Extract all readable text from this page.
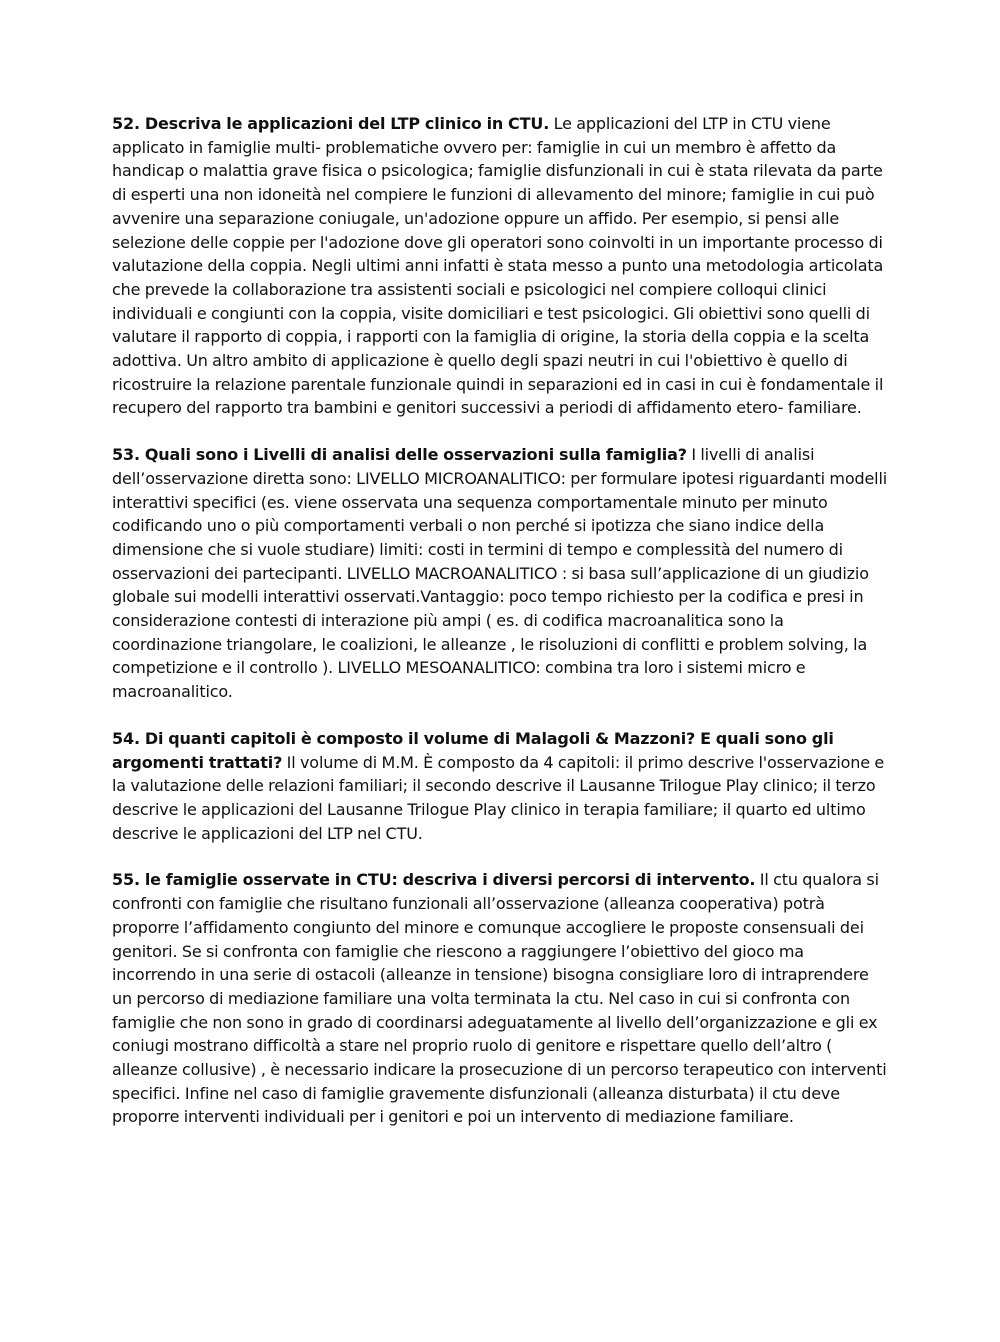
52. Descriva le applicazioni del LTP clinico in CTU. Le applicazioni del LTP in CTU viene applicato in famiglie multi- problematiche ovvero per: famiglie in cui un membro è affetto da handicap o malattia grave fisica o psicologica; famiglie disfunzionali in cui è stata rilevata da parte di esperti una non idoneità nel compiere le funzioni di allevamento del minore; famiglie in cui può avvenire una separazione coniugale, un'adozione oppure un affido. Per esempio, si pensi alle selezione delle coppie per l'adozione dove gli operatori sono coinvolti in un importante processo di valutazione della coppia. Negli ultimi anni infatti è stata messo a punto una metodologia articolata che prevede la collaborazione tra assistenti sociali e psicologici nel compiere colloqui clinici individuali e congiunti con la coppia, visite domiciliari e test psicologici. Gli obiettivi sono quelli di valutare il rapporto di coppia, i rapporti con la famiglia di origine, la storia della coppia e la scelta adottiva. Un altro ambito di applicazione è quello degli spazi neutri in cui l'obiettivo è quello di ricostruire la relazione parentale funzionale quindi in separazioni ed in casi in cui è fondamentale il recupero del rapporto tra bambini e genitori successivi a periodi di affidamento etero- familiare.

53. Quali sono i Livelli di analisi delle osservazioni sulla famiglia? I livelli di analisi dell’osservazione diretta sono: LIVELLO MICROANALITICO: per formulare ipotesi riguardanti modelli interattivi specifici (es. viene osservata una sequenza comportamentale minuto per minuto codificando uno o più comportamenti verbali o non perché si ipotizza che siano indice della dimensione che si vuole studiare) limiti: costi in termini di tempo e complessità del numero di osservazioni dei partecipanti. LIVELLO MACROANALITICO : si basa sull’applicazione di un giudizio globale sui modelli interattivi osservati.Vantaggio: poco tempo richiesto per la codifica e presi in considerazione contesti di interazione più ampi ( es. di codifica macroanalitica sono la coordinazione triangolare, le coalizioni, le alleanze , le risoluzioni di conflitti e problem solving, la competizione e il controllo ). LIVELLO MESOANALITICO: combina tra loro i sistemi micro e macroanalitico.

54. Di quanti capitoli è composto il volume di Malagoli & Mazzoni? E quali sono gli argomenti trattati? Il volume di M.M. È composto da 4 capitoli: il primo descrive l'osservazione e la valutazione delle relazioni familiari; il secondo descrive il Lausanne Trilogue Play clinico; il terzo descrive le applicazioni del Lausanne Trilogue Play clinico in terapia familiare; il quarto ed ultimo descrive le applicazioni del LTP nel CTU.

55. le famiglie osservate in CTU: descriva i diversi percorsi di intervento. Il ctu qualora si confronti con famiglie che risultano funzionali all’osservazione (alleanza cooperativa) potrà proporre l’affidamento congiunto del minore e comunque accogliere le proposte consensuali dei genitori. Se si confronta con famiglie che riescono a raggiungere l’obiettivo del gioco ma incorrendo in una serie di ostacoli (alleanze in tensione) bisogna consigliare loro di intraprendere un percorso di mediazione familiare una volta terminata la ctu. Nel caso in cui si confronta con famiglie che non sono in grado di coordinarsi adeguatamente al livello dell’organizzazione e gli ex coniugi mostrano difficoltà a stare nel proprio ruolo di genitore e rispettare quello dell’altro ( alleanze collusive) , è necessario indicare la prosecuzione di un percorso terapeutico con interventi specifici. Infine nel caso di famiglie gravemente disfunzionali (alleanza disturbata) il ctu deve proporre interventi individuali per i genitori e poi un intervento di mediazione familiare.
